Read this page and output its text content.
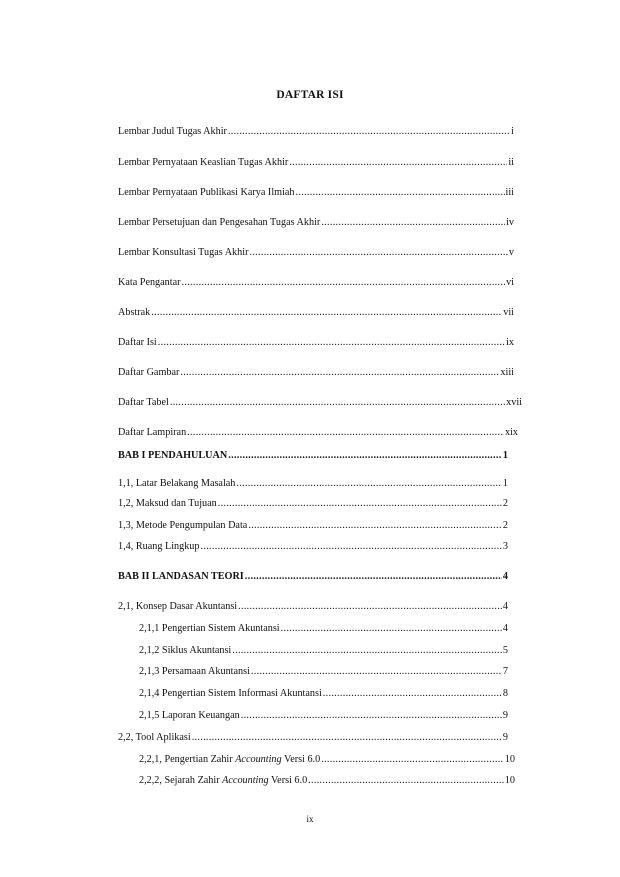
DAFTAR ISI
Lembar Judul Tugas Akhir .....	i
Lembar Pernyataan Keaslian Tugas Akhir .....	ii
Lembar Pernyataan Publikasi Karya Ilmiah .....	iii
Lembar Persetujuan dan Pengesahan Tugas Akhir .....	iv
Lembar Konsultasi Tugas Akhir .....	v
Kata Pengantar .....	vi
Abstrak .....	vii
Daftar Isi .....	ix
Daftar Gambar .....	xiii
Daftar Tabel .....	xvii
Daftar Lampiran .....	xix
BAB I PENDAHULUAN .....	1
1,1, Latar Belakang Masalah .....	1
1,2, Maksud dan Tujuan .....	2
1,3, Metode Pengumpulan Data .....	2
1,4, Ruang Lingkup .....	3
BAB II LANDASAN TEORI .....	4
2,1, Konsep Dasar Akuntansi .....	4
2,1,1 Pengertian Sistem Akuntansi .....	4
2,1,2 Siklus Akuntansi .....	5
2,1,3 Persamaan Akuntansi .....	7
2,1,4 Pengertian Sistem Informasi Akuntansi .....	8
2,1,5 Laporan Keuangan .....	9
2,2, Tool Aplikasi .....	9
2,2,1, Pengertian Zahir Accounting Versi 6.0 .....	10
2,2,2, Sejarah Zahir Accounting Versi 6.0 .....	10
ix
